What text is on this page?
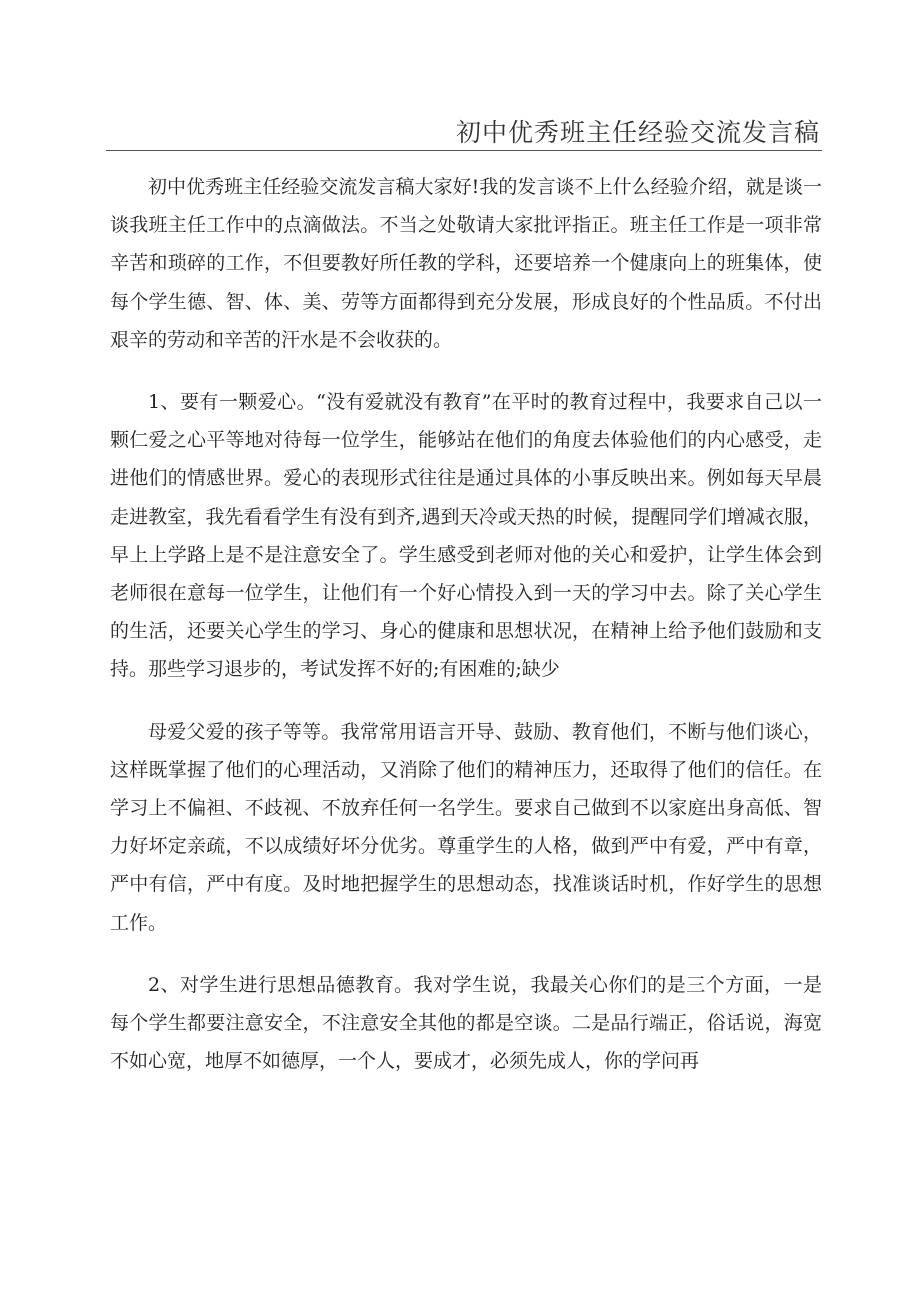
初中优秀班主任经验交流发言稿

初中优秀班主任经验交流发言稿大家好!我的发言谈不上什么经验介绍，就是谈一谈我班主任工作中的点滴做法。不当之处敬请大家批评指正。班主任工作是一项非常辛苦和琐碎的工作，不但要教好所任教的学科，还要培养一个健康向上的班集体，使每个学生德、智、体、美、劳等方面都得到充分发展，形成良好的个性品质。不付出艰辛的劳动和辛苦的汗水是不会收获的。

1、要有一颗爱心。“没有爱就没有教育”在平时的教育过程中，我要求自己以一颗仁爱之心平等地对待每一位学生，能够站在他们的角度去体验他们的内心感受，走进他们的情感世界。爱心的表现形式往往是通过具体的小事反映出来。例如每天早晨走进教室，我先看看学生有没有到齐,遇到天冷或天热的时候，提醒同学们增减衣服，早上上学路上是不是注意安全了。学生感受到老师对他的关心和爱护，让学生体会到老师很在意每一位学生，让他们有一个好心情投入到一天的学习中去。除了关心学生的生活，还要关心学生的学习、身心的健康和思想状况，在精神上给予他们鼓励和支持。那些学习退步的，考试发挥不好的;有困难的;缺少

母爱父爱的孩子等等。我常常用语言开导、鼓励、教育他们，不断与他们谈心，这样既掌握了他们的心理活动，又消除了他们的精神压力，还取得了他们的信任。在学习上不偏袒、不歧视、不放弃任何一名学生。要求自己做到不以家庭出身高低、智力好坏定亲疏，不以成绩好坏分优劣。尊重学生的人格，做到严中有爱，严中有章，严中有信，严中有度。及时地把握学生的思想动态，找准谈话时机，作好学生的思想工作。

2、对学生进行思想品德教育。我对学生说，我最关心你们的是三个方面，一是每个学生都要注意安全，不注意安全其他的都是空谈。二是品行端正，俗话说，海宽不如心宽，地厚不如德厚，一个人，要成才，必须先成人，你的学问再
